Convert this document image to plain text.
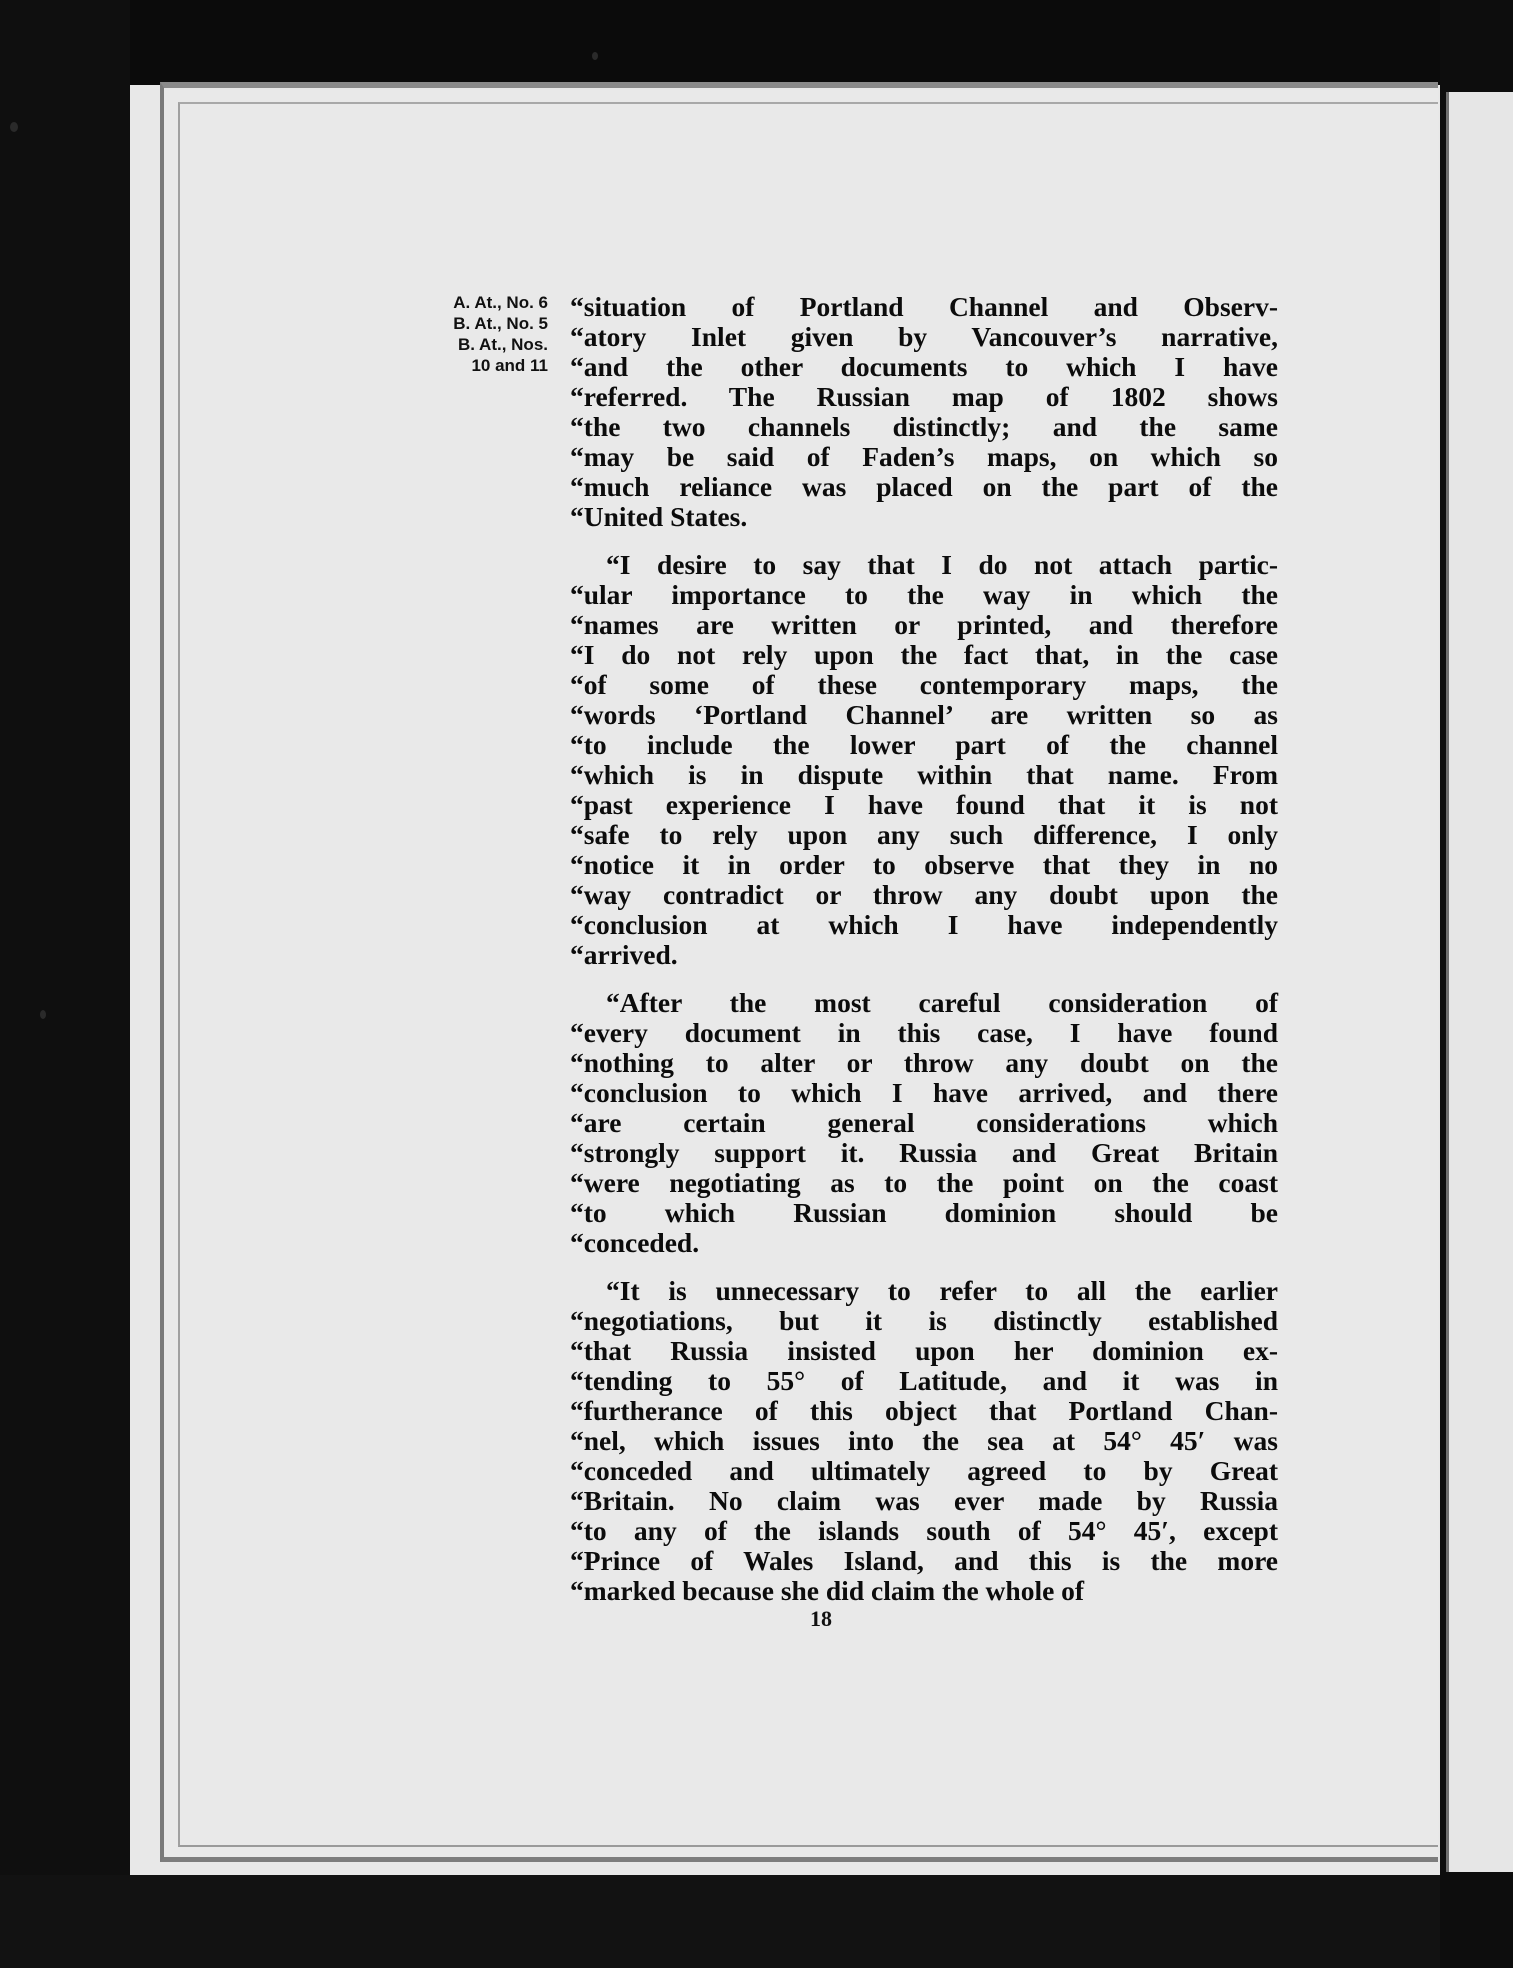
A. At., No. 6
B. At., No. 5
B. At., Nos.
10 and 11
“situation of Portland Channel and Observ-
“atory Inlet given by Vancouver’s narrative,
“and the other documents to which I have
“referred. The Russian map of 1802 shows
“the two channels distinctly; and the same
“may be said of Faden’s maps, on which so
“much reliance was placed on the part of the
“United States.
“I desire to say that I do not attach partic-
“ular importance to the way in which the
“names are written or printed, and therefore
“I do not rely upon the fact that, in the case
“of some of these contemporary maps, the
“words ‘Portland Channel’ are written so as
“to include the lower part of the channel
“which is in dispute within that name. From
“past experience I have found that it is not
“safe to rely upon any such difference, I only
“notice it in order to observe that they in no
“way contradict or throw any doubt upon the
“conclusion at which I have independently
“arrived.
“After the most careful consideration of
“every document in this case, I have found
“nothing to alter or throw any doubt on the
“conclusion to which I have arrived, and there
“are certain general considerations which
“strongly support it. Russia and Great Britain
“were negotiating as to the point on the coast
“to which Russian dominion should be
“conceded.
“It is unnecessary to refer to all the earlier
“negotiations, but it is distinctly established
“that Russia insisted upon her dominion ex-
“tending to 55° of Latitude, and it was in
“furtherance of this object that Portland Chan-
“nel, which issues into the sea at 54° 45′ was
“conceded and ultimately agreed to by Great
“Britain. No claim was ever made by Russia
“to any of the islands south of 54° 45′, except
“Prince of Wales Island, and this is the more
“marked because she did claim the whole of
18
